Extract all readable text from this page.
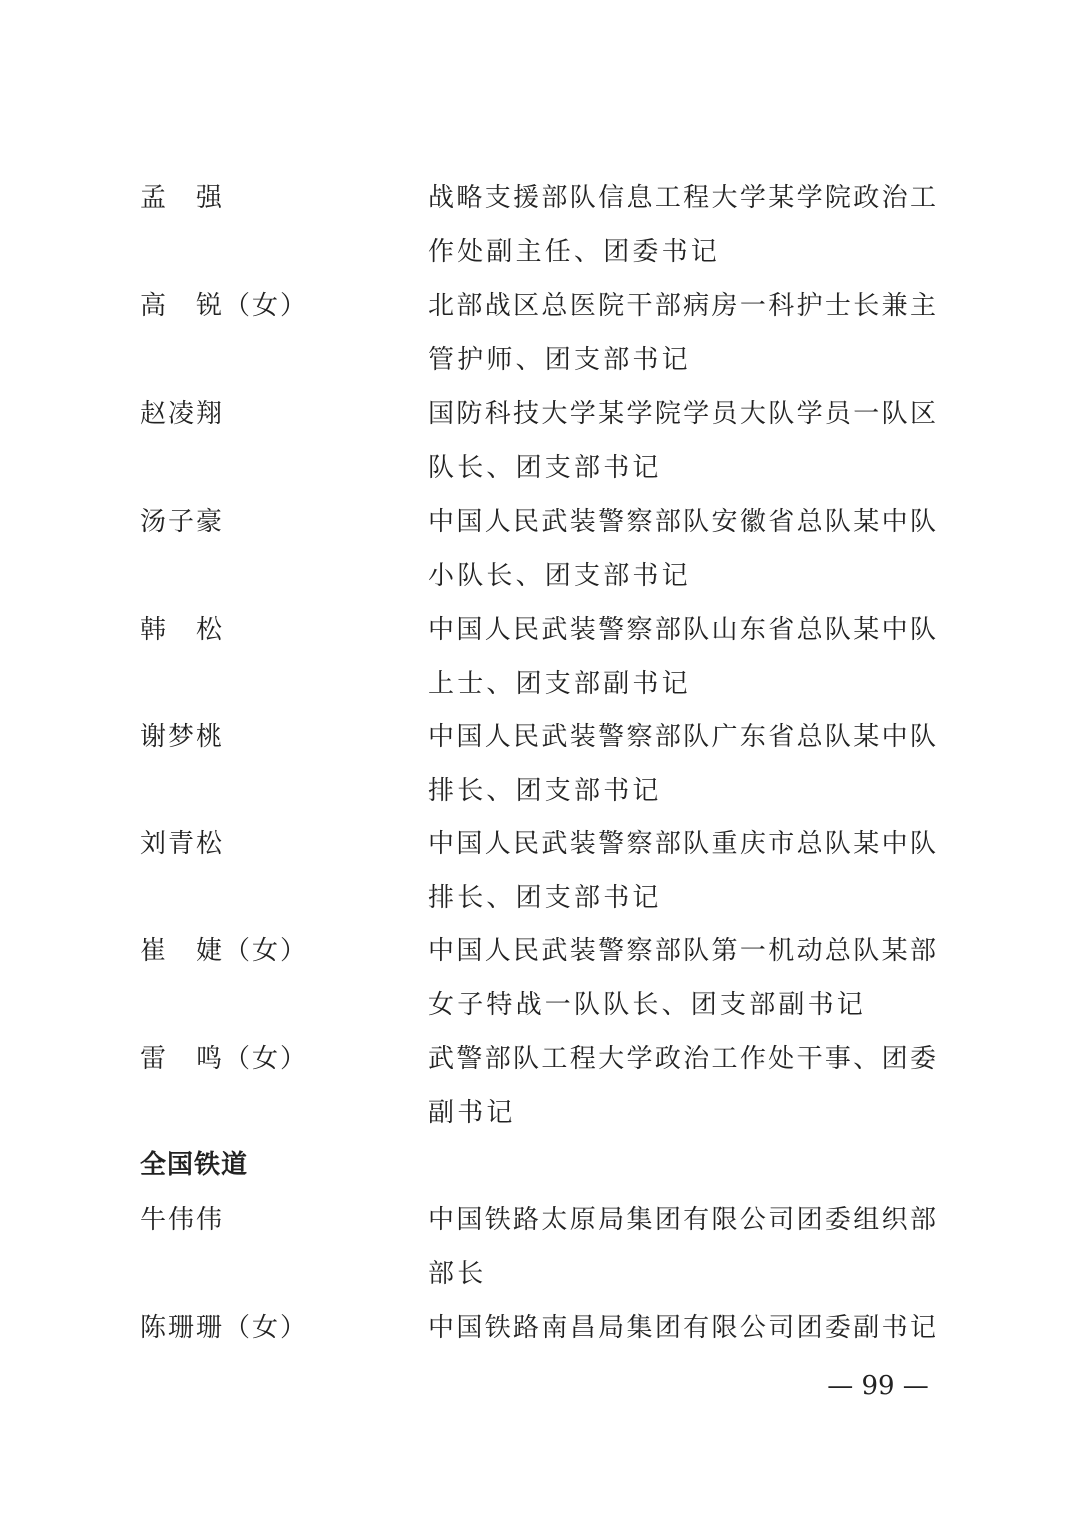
孟　强	战略支援部队信息工程大学某学院政治工
作处副主任、团委书记
高　锐（女）	北部战区总医院干部病房一科护士长兼主
管护师、团支部书记
赵凌翔	国防科技大学某学院学员大队学员一队区
队长、团支部书记
汤子豪	中国人民武装警察部队安徽省总队某中队
小队长、团支部书记
韩　松	中国人民武装警察部队山东省总队某中队
上士、团支部副书记
谢梦桃	中国人民武装警察部队广东省总队某中队
排长、团支部书记
刘青松	中国人民武装警察部队重庆市总队某中队
排长、团支部书记
崔　婕（女）	中国人民武装警察部队第一机动总队某部
女子特战一队队长、团支部副书记
雷　鸣（女）	武警部队工程大学政治工作处干事、团委
副书记
全国铁道
牛伟伟	中国铁路太原局集团有限公司团委组织部
部长
陈珊珊（女）	中国铁路南昌局集团有限公司团委副书记
— 99 —
